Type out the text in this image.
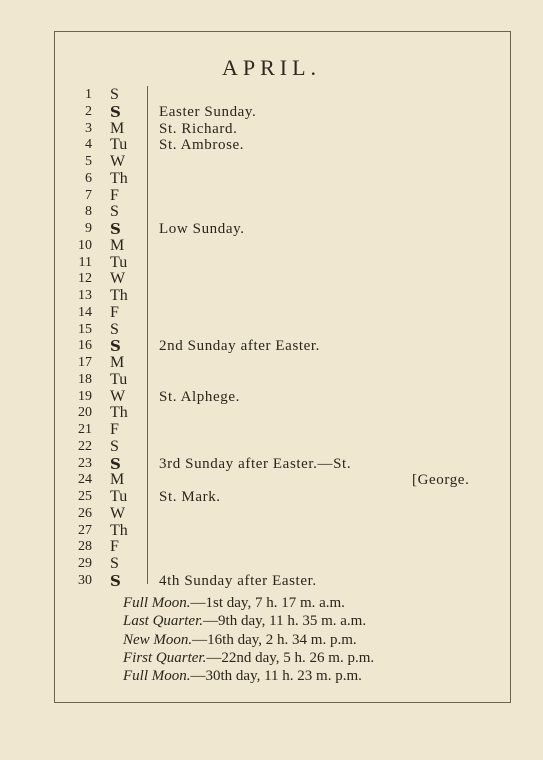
APRIL.
1 S
2 S	Easter Sunday.
3 M St. Richard.
4 Tu St. Ambrose.
5 W
6 Th
7 F
8 S
9 S	Low Sunday.
10 M
11 Tu
12 W
13 Th
14 F
15 S
16 S	2nd Sunday after Easter.
17 M
18 Tu
19 W St. Alphege.
20 Th
21 F
22 S
23 S	3rd Sunday after Easter.—St.
24 M	[George.
25 Tu St. Mark.
26 W
27 Th
28 F
29 S
30 S	4th Sunday after Easter.
Full Moon.—1st day, 7 h. 17 m. a.m.
Last Quarter.—9th day, 11 h. 35 m. a.m.
New Moon.—16th day, 2 h. 34 m. p.m.
First Quarter.—22nd day, 5 h. 26 m. p.m.
Full Moon.—30th day, 11 h. 23 m. p.m.
